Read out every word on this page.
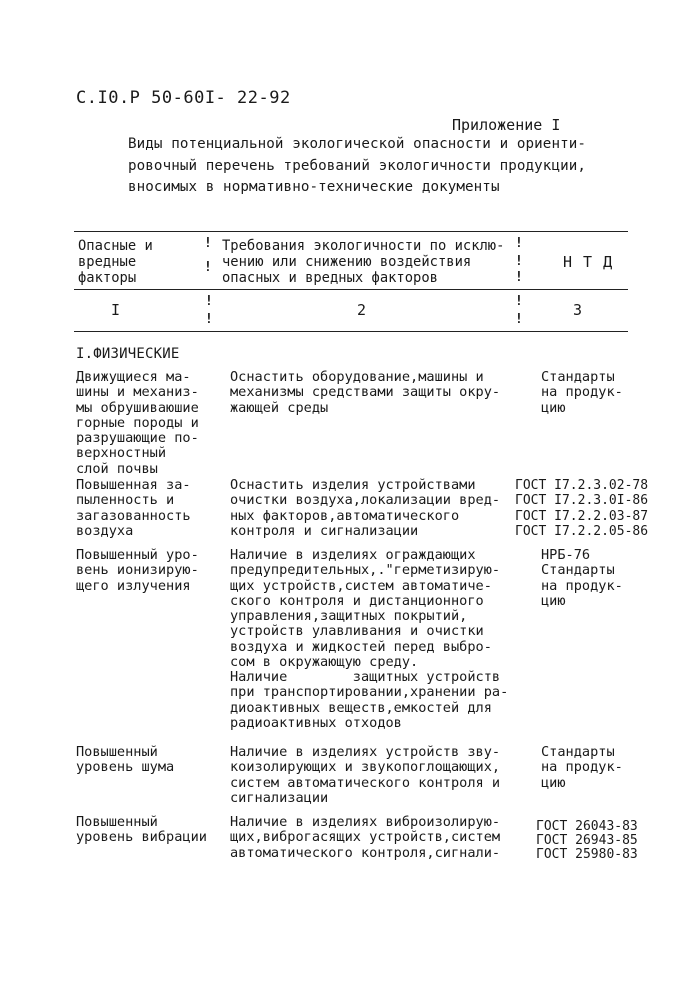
С.I0.Р 50-60I- 22-92
Приложение I
Виды потенциальной экологической опасности и ориенти-
ровочный перечень требований экологичности продукции,
вносимых в нормативно-технические документы
!
!
!
!
!
!
!
!
!
Опасные и
вредные
факторы
Требования экологичности по исклю-
чению или снижению воздействия
опасных и вредных факторов
Н Т Д
I	2	3
I.ФИЗИЧЕСКИЕ
Движущиеся ма-
шины и механиз-
мы обрушиваюшие
горные породы и
разрушающие по-
верхностный
слой почвы
Оснастить оборудование,машины и
механизмы средствами защиты окру-
жающей среды
Стандарты
на продук-
цию
Повышенная за-
пыленность и
загазованность
воздуха
Оснастить изделия устройствами
очистки воздуха,локализации вред-
ных факторов,автоматического
контроля и сигнализации
ГОСТ I7.2.3.02-78
ГОСТ I7.2.3.0I-86
ГОСТ I7.2.2.03-87
ГОСТ I7.2.2.05-86
Повышенный уро-
вень ионизирую-
щего излучения
Наличие в изделиях ограждающих
предупредительных,."герметизирую-
щих устройств,систем автоматиче-
ского контроля и дистанционного
управления,защитных покрытий,
устройств улавливания и очистки
воздуха и жидкостей перед выбро-
сом в окружающую среду.
НРБ-76
Стандарты
на продук-
цию
Наличие        защитных устройств
при транспортировании,хранении ра-
диоактивных веществ,емкостей для
радиоактивных отходов
Повышенный
уровень шума
Наличие в изделиях устройств зву-
коизолирующих и звукопоглощающих,
систем автоматического контроля и
сигнализации
Стандарты
на продук-
цию
Повышенный
уровень вибрации
Наличие в изделиях виброизолирую-
щих,виброгасящих устройств,систем
автоматического контроля,сигнали-
ГОСТ 26043-83
ГОСТ 26943-85
ГОСТ 25980-83
